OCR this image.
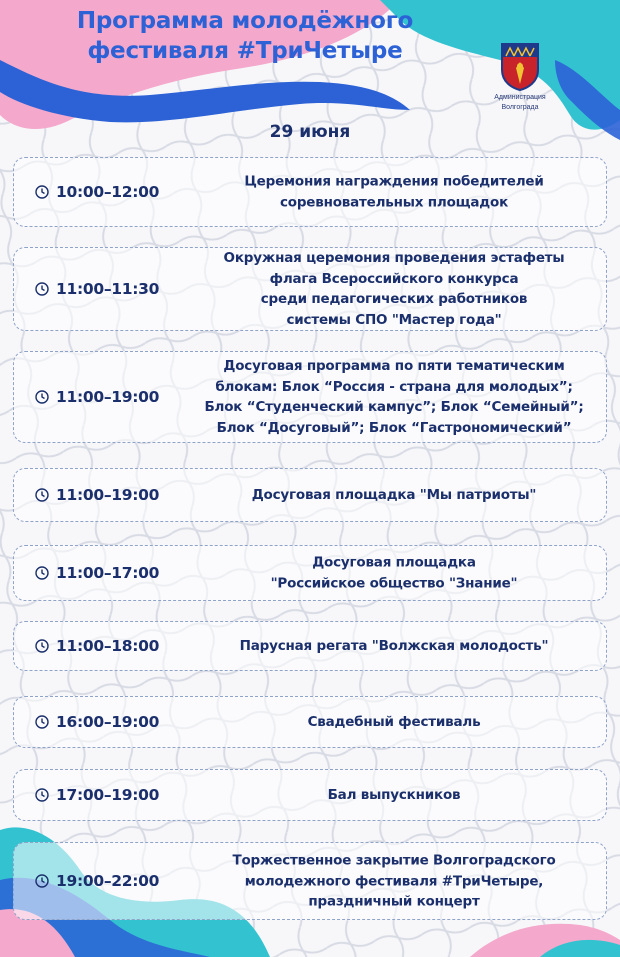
Программа молодёжного
фестиваля #ТриЧетыре
Администрация
Волгограда
29 июня
10:00–12:00
Церемония награждения победителей
соревновательных площадок
11:00–11:30
Окружная церемония проведения эстафеты
флага Всероссийского конкурса
среди педагогических работников
системы СПО "Мастер года"
11:00–19:00
Досуговая программа по пяти тематическим
блокам: Блок “Россия - страна для молодых”;
Блок “Студенческий кампус”; Блок “Семейный”;
Блок “Досуговый”; Блок “Гастрономический”
11:00–19:00	Досуговая площадка "Мы патриоты"
11:00–17:00
Досуговая площадка
"Российское общество "Знание"
11:00–18:00	Парусная регата "Волжская молодость"
16:00–19:00	Свадебный фестиваль
17:00–19:00	Бал выпускников
19:00–22:00
Торжественное закрытие Волгоградского
молодежного фестиваля #ТриЧетыре,
праздничный концерт
